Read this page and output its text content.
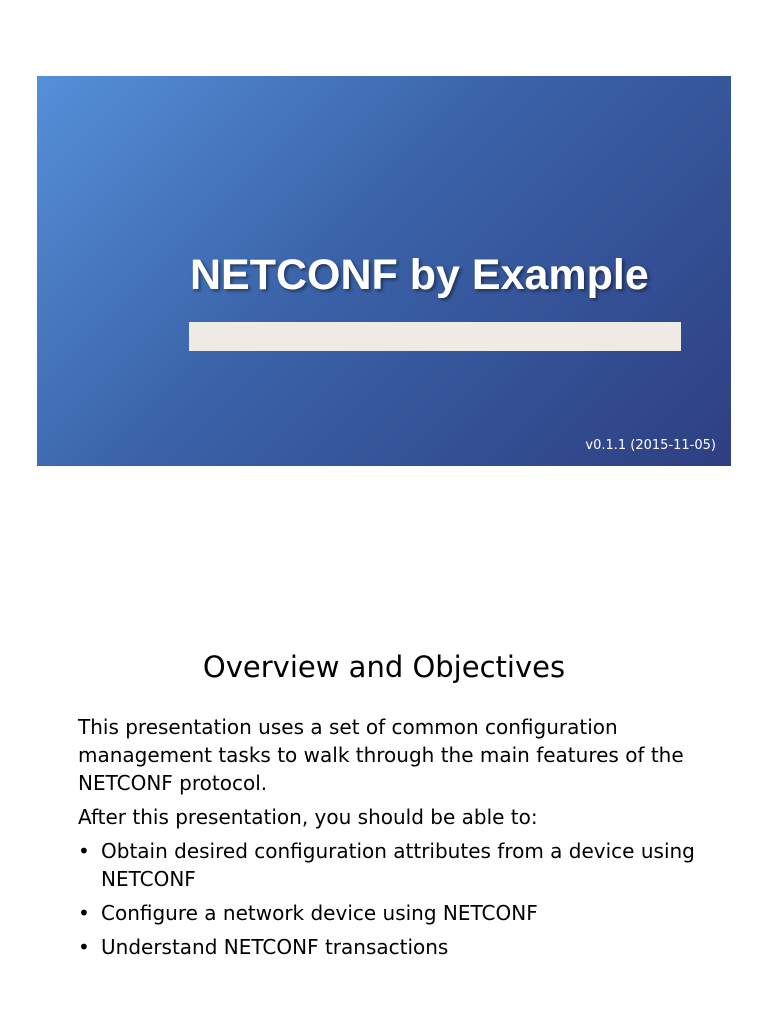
NETCONF by Example
v0.1.1 (2015-11-05)
Overview and Objectives

This presentation uses a set of common configuration management tasks to walk through the main features of the NETCONF protocol.

After this presentation, you should be able to:

• Obtain desired configuration attributes from a device using NETCONF
• Configure a network device using NETCONF
• Understand NETCONF transactions
